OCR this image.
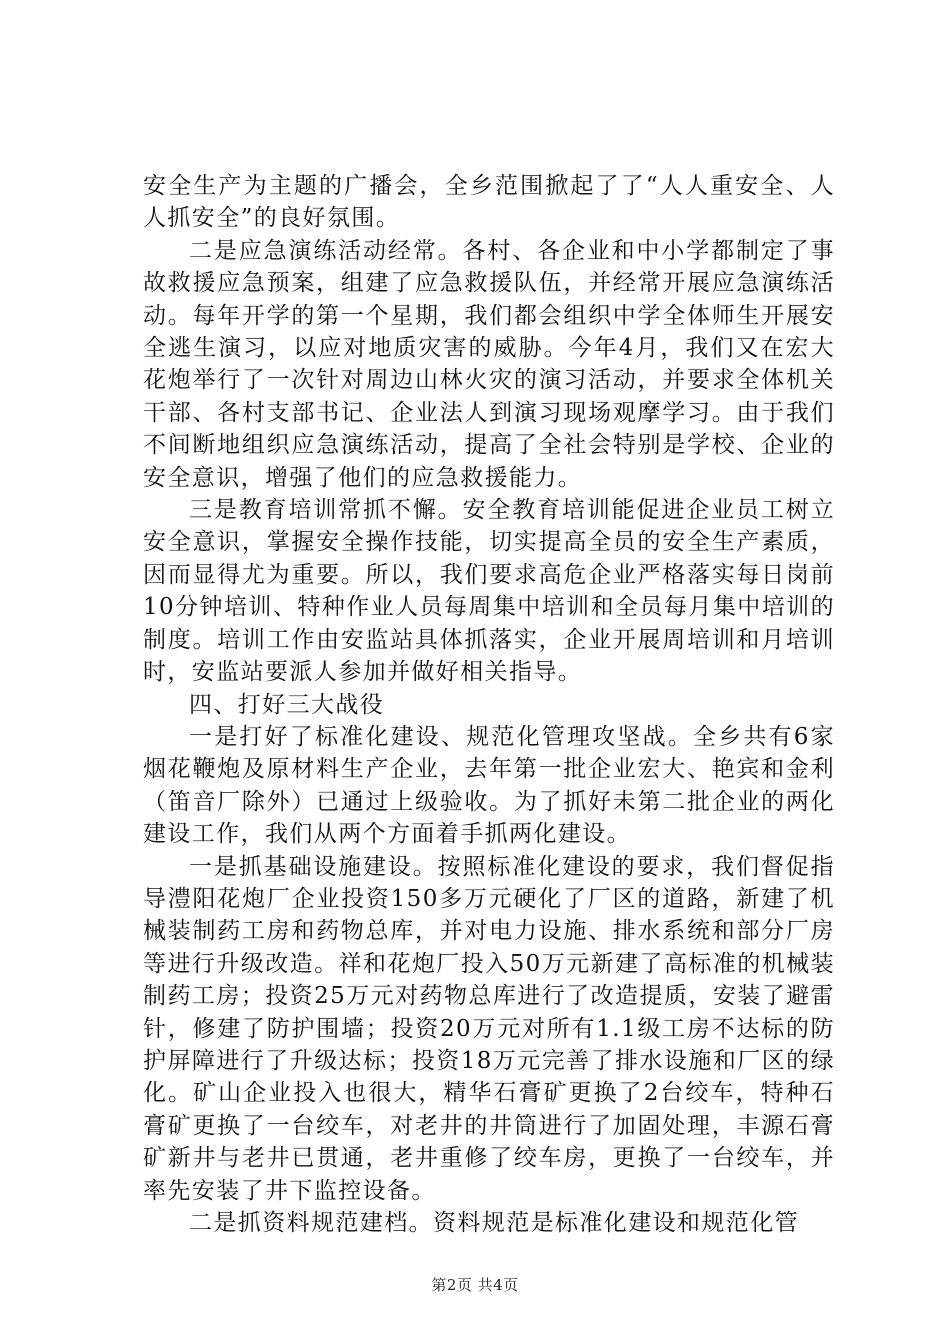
安全生产为主题的广播会，全乡范围掀起了了“人人重安全、人人抓安全”的良好氛围。

二是应急演练活动经常。各村、各企业和中小学都制定了事故救援应急预案，组建了应急救援队伍，并经常开展应急演练活动。每年开学的第一个星期，我们都会组织中学全体师生开展安全逃生演习，以应对地质灾害的威胁。今年4月，我们又在宏大花炮举行了一次针对周边山林火灾的演习活动，并要求全体机关干部、各村支部书记、企业法人到演习现场观摩学习。由于我们不间断地组织应急演练活动，提高了全社会特别是学校、企业的安全意识，增强了他们的应急救援能力。

三是教育培训常抓不懈。安全教育培训能促进企业员工树立安全意识，掌握安全操作技能，切实提高全员的安全生产素质，因而显得尤为重要。所以，我们要求高危企业严格落实每日岗前10分钟培训、特种作业人员每周集中培训和全员每月集中培训的制度。培训工作由安监站具体抓落实，企业开展周培训和月培训时，安监站要派人参加并做好相关指导。

四、打好三大战役

一是打好了标准化建设、规范化管理攻坚战。全乡共有6家烟花鞭炮及原材料生产企业，去年第一批企业宏大、艳宾和金利（笛音厂除外）已通过上级验收。为了抓好未第二批企业的两化建设工作，我们从两个方面着手抓两化建设。

一是抓基础设施建设。按照标准化建设的要求，我们督促指导澧阳花炮厂企业投资150多万元硬化了厂区的道路，新建了机械装制药工房和药物总库，并对电力设施、排水系统和部分厂房等进行升级改造。祥和花炮厂投入50万元新建了高标准的机械装制药工房；投资25万元对药物总库进行了改造提质，安装了避雷针，修建了防护围墙；投资20万元对所有1.1级工房不达标的防护屏障进行了升级达标；投资18万元完善了排水设施和厂区的绿化。矿山企业投入也很大，精华石膏矿更换了2台绞车，特种石膏矿更换了一台绞车，对老井的井筒进行了加固处理，丰源石膏矿新井与老井已贯通，老井重修了绞车房，更换了一台绞车，并率先安装了井下监控设备。

二是抓资料规范建档。资料规范是标准化建设和规范化管

第2页 共4页
